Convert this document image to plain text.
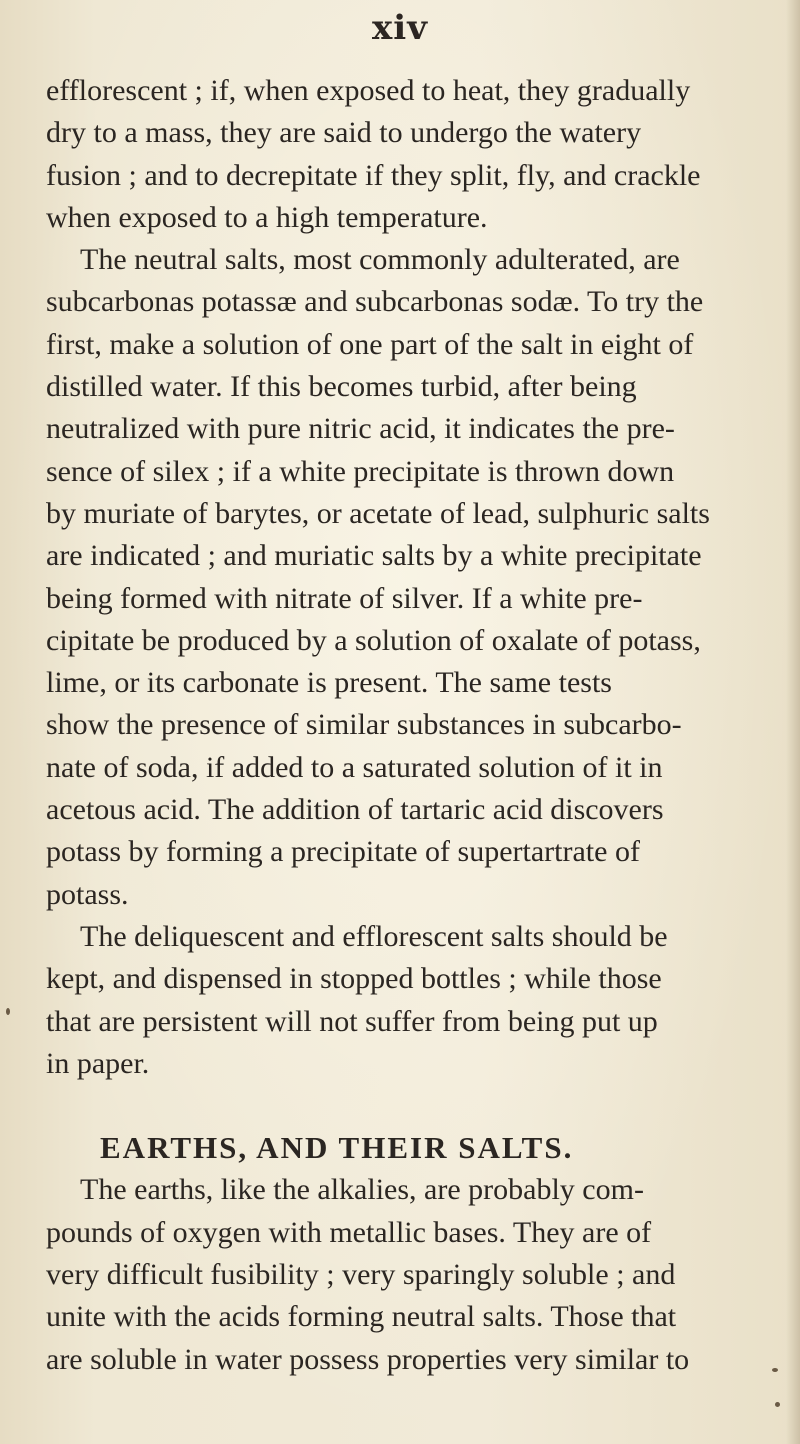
xiv
efflorescent ; if, when exposed to heat, they gradually
dry to a mass, they are said to undergo the watery
fusion ; and to decrepitate if they split, fly, and crackle
when exposed to a high temperature.
The neutral salts, most commonly adulterated, are
subcarbonas potassæ and subcarbonas sodæ. To try the
first, make a solution of one part of the salt in eight of
distilled water. If this becomes turbid, after being
neutralized with pure nitric acid, it indicates the pre-
sence of silex ; if a white precipitate is thrown down
by muriate of barytes, or acetate of lead, sulphuric salts
are indicated ; and muriatic salts by a white precipitate
being formed with nitrate of silver. If a white pre-
cipitate be produced by a solution of oxalate of potass,
lime, or its carbonate is present. The same tests
show the presence of similar substances in subcarbo-
nate of soda, if added to a saturated solution of it in
acetous acid. The addition of tartaric acid discovers
potass by forming a precipitate of supertartrate of
potass.
The deliquescent and efflorescent salts should be
kept, and dispensed in stopped bottles ; while those
that are persistent will not suffer from being put up
in paper.
EARTHS, AND THEIR SALTS.
The earths, like the alkalies, are probably com-
pounds of oxygen with metallic bases. They are of
very difficult fusibility ; very sparingly soluble ; and
unite with the acids forming neutral salts. Those that
are soluble in water possess properties very similar to
